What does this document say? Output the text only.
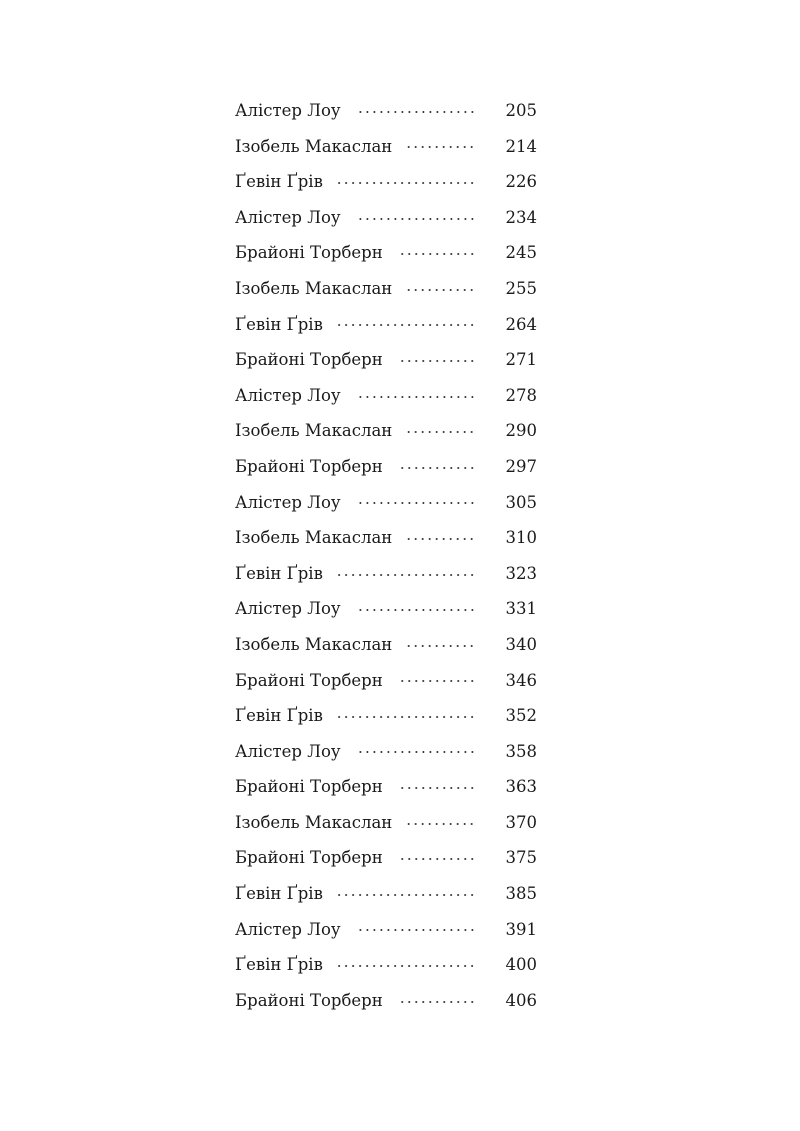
Алістер Лоу	205
Ізобель Макаслан	214
Ґевін Ґрів	226
Алістер Лоу	234
Брайоні Торберн	245
Ізобель Макаслан	255
Ґевін Ґрів	264
Брайоні Торберн	271
Алістер Лоу	278
Ізобель Макаслан	290
Брайоні Торберн	297
Алістер Лоу	305
Ізобель Макаслан	310
Ґевін Ґрів	323
Алістер Лоу	331
Ізобель Макаслан	340
Брайоні Торберн	346
Ґевін Ґрів	352
Алістер Лоу	358
Брайоні Торберн	363
Ізобель Макаслан	370
Брайоні Торберн	375
Ґевін Ґрів	385
Алістер Лоу	391
Ґевін Ґрів	400
Брайоні Торберн	406
